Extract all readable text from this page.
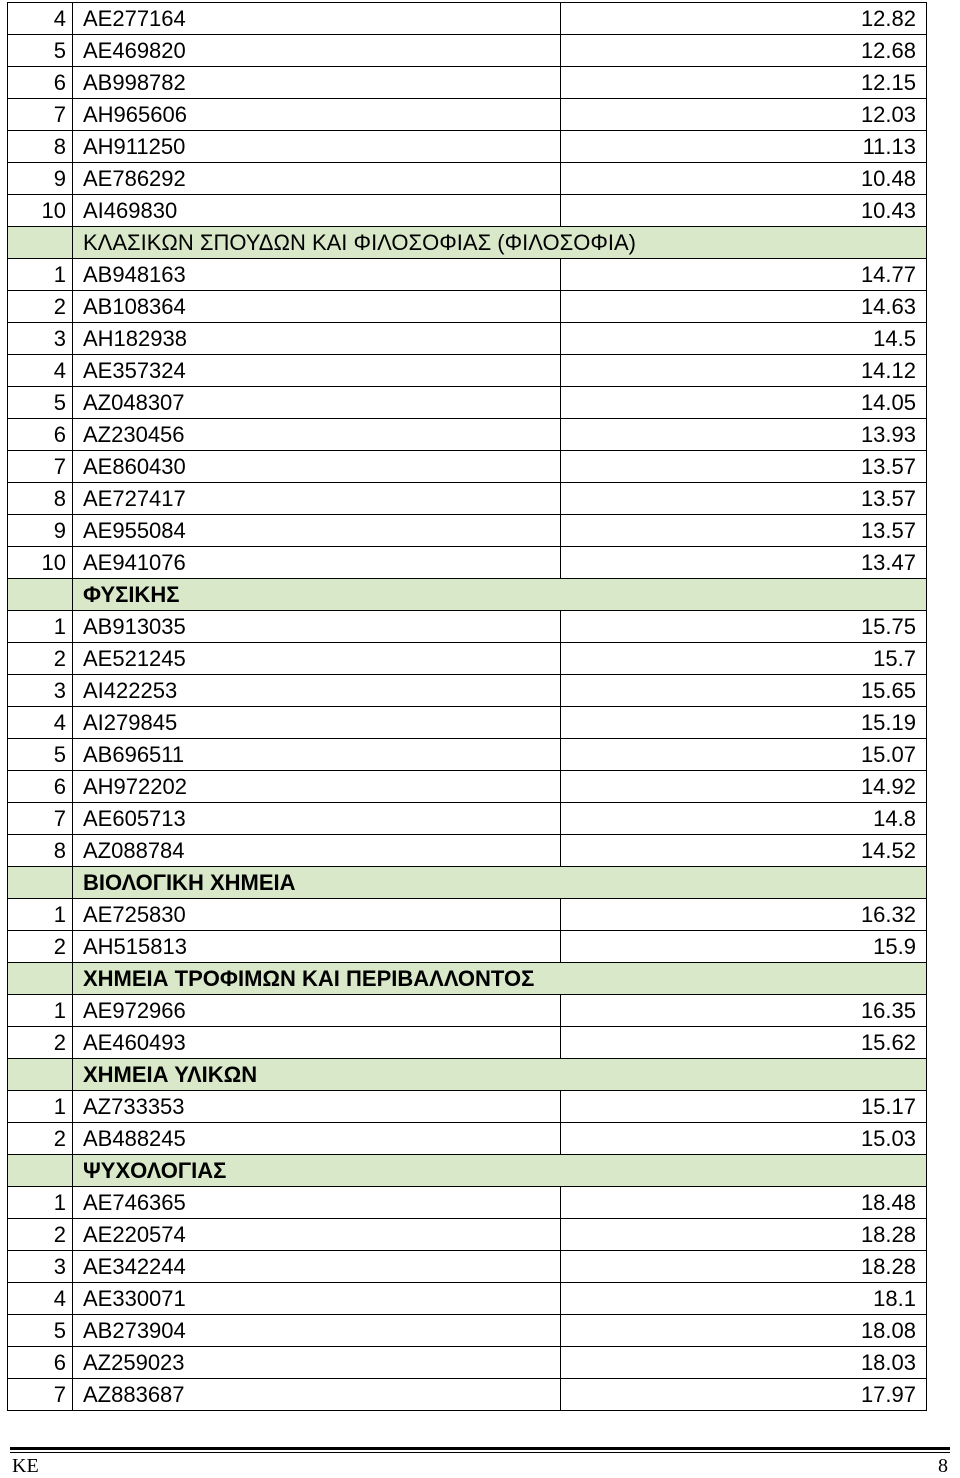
4	ΑΕ277164	12.82
5	ΑΕ469820	12.68
6	ΑΒ998782	12.15
7	ΑΗ965606	12.03
8	ΑΗ911250	11.13
9	ΑΕ786292	10.48
10	ΑΙ469830	10.43
	ΚΛΑΣΙΚΩΝ ΣΠΟΥΔΩΝ ΚΑΙ ΦΙΛΟΣΟΦΙΑΣ (ΦΙΛΟΣΟΦΙΑ)	
1	ΑΒ948163	14.77
2	ΑΒ108364	14.63
3	ΑΗ182938	14.5
4	ΑΕ357324	14.12
5	ΑΖ048307	14.05
6	ΑΖ230456	13.93
7	ΑΕ860430	13.57
8	ΑΕ727417	13.57
9	ΑΕ955084	13.57
10	ΑΕ941076	13.47
	ΦΥΣΙΚΗΣ	
1	ΑΒ913035	15.75
2	ΑΕ521245	15.7
3	ΑΙ422253	15.65
4	ΑΙ279845	15.19
5	ΑΒ696511	15.07
6	ΑΗ972202	14.92
7	ΑΕ605713	14.8
8	ΑΖ088784	14.52
	ΒΙΟΛΟΓΙΚΗ ΧΗΜΕΙΑ	
1	ΑΕ725830	16.32
2	ΑΗ515813	15.9
	ΧΗΜΕΙΑ ΤΡΟΦΙΜΩΝ ΚΑΙ ΠΕΡΙΒΑΛΛΟΝΤΟΣ	
1	ΑΕ972966	16.35
2	ΑΕ460493	15.62
	ΧΗΜΕΙΑ ΥΛΙΚΩΝ	
1	ΑΖ733353	15.17
2	ΑΒ488245	15.03
	ΨΥΧΟΛΟΓΙΑΣ	
1	ΑΕ746365	18.48
2	ΑΕ220574	18.28
3	ΑΕ342244	18.28
4	ΑΕ330071	18.1
5	ΑΒ273904	18.08
6	ΑΖ259023	18.03
7	ΑΖ883687	17.97
ΚΕ	8
